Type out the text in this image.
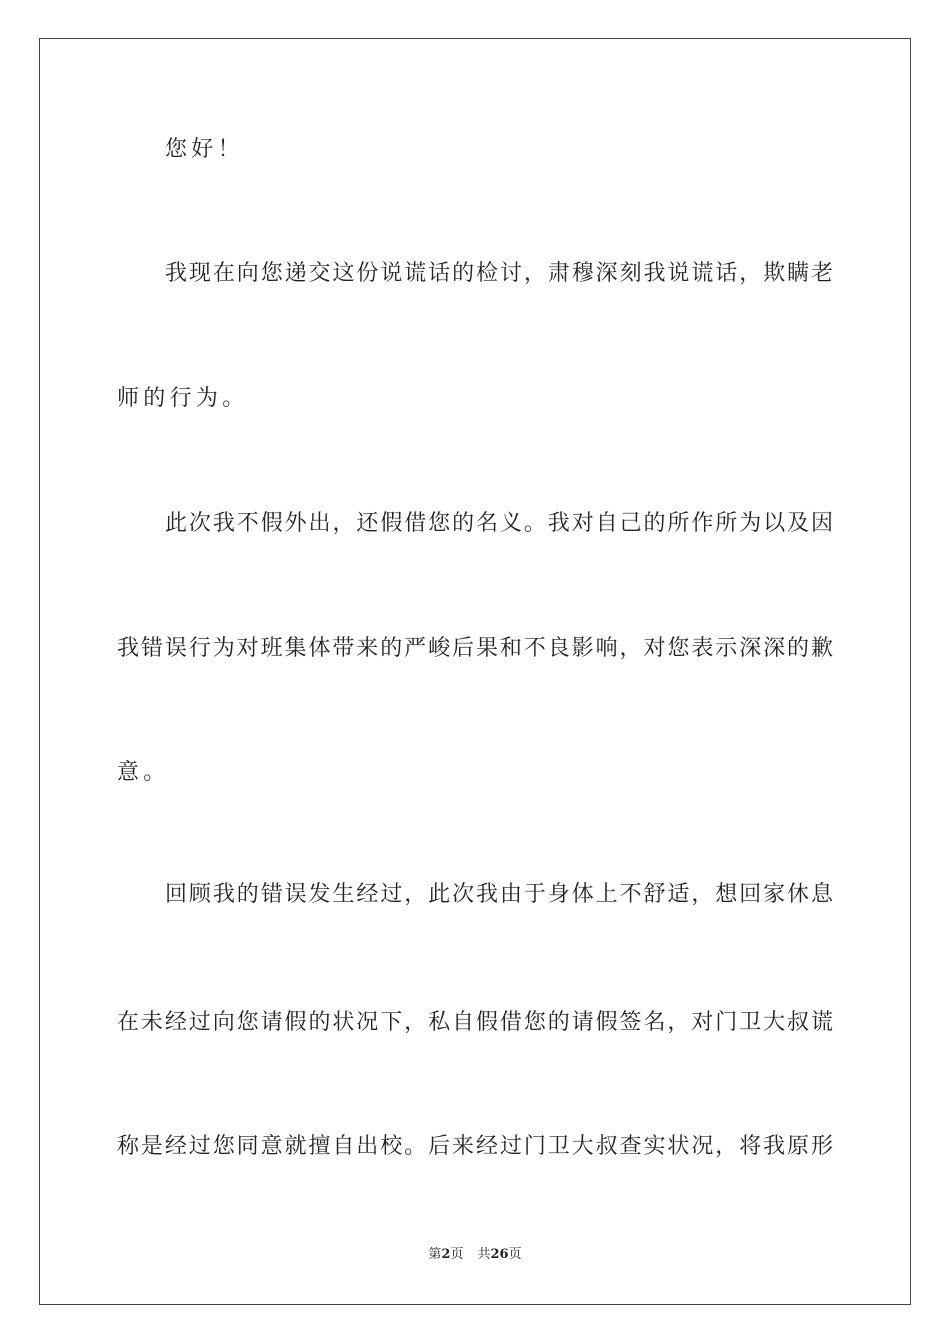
您好！

我现在向您递交这份说谎话的检讨，肃穆深刻我说谎话，欺瞒老

师的行为。

此次我不假外出，还假借您的名义。我对自己的所作所为以及因

我错误行为对班集体带来的严峻后果和不良影响，对您表示深深的歉

意。

回顾我的错误发生经过，此次我由于身体上不舒适，想回家休息

在未经过向您请假的状况下，私自假借您的请假签名，对门卫大叔谎

称是经过您同意就擅自出校。后来经过门卫大叔查实状况，将我原形

第2页 共26页
